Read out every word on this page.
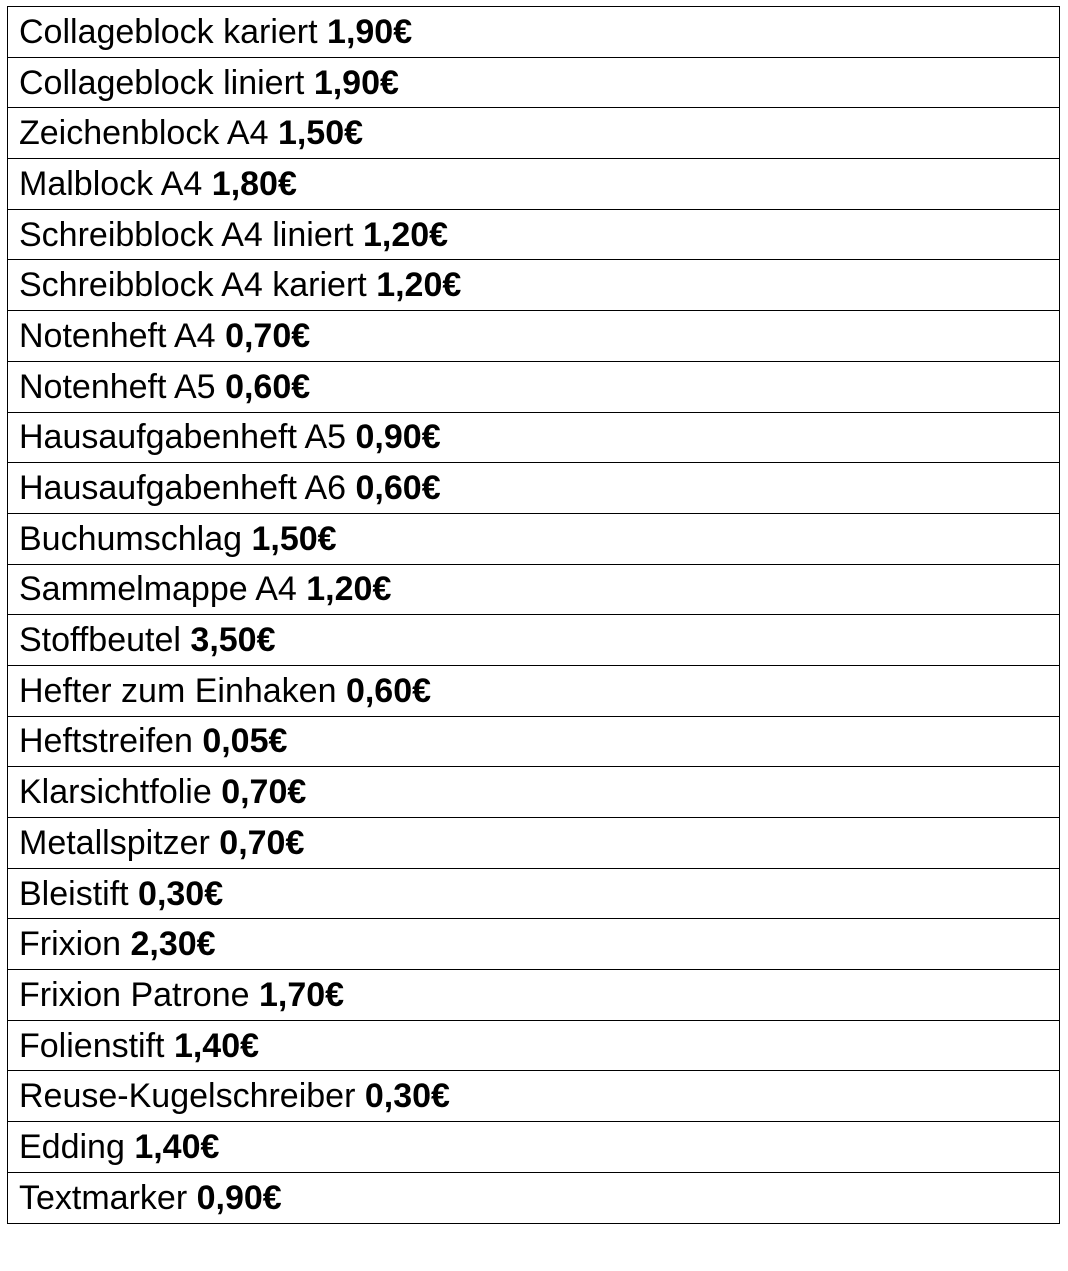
Collageblock kariert 1,90€
Collageblock liniert 1,90€
Zeichenblock A4 1,50€
Malblock A4 1,80€
Schreibblock A4 liniert 1,20€
Schreibblock A4 kariert 1,20€
Notenheft A4 0,70€
Notenheft A5 0,60€
Hausaufgabenheft A5 0,90€
Hausaufgabenheft A6 0,60€
Buchumschlag 1,50€
Sammelmappe A4 1,20€
Stoffbeutel 3,50€
Hefter zum Einhaken 0,60€
Heftstreifen 0,05€
Klarsichtfolie 0,70€
Metallspitzer 0,70€
Bleistift 0,30€
Frixion 2,30€
Frixion Patrone 1,70€
Folienstift 1,40€
Reuse-Kugelschreiber 0,30€
Edding 1,40€
Textmarker 0,90€
